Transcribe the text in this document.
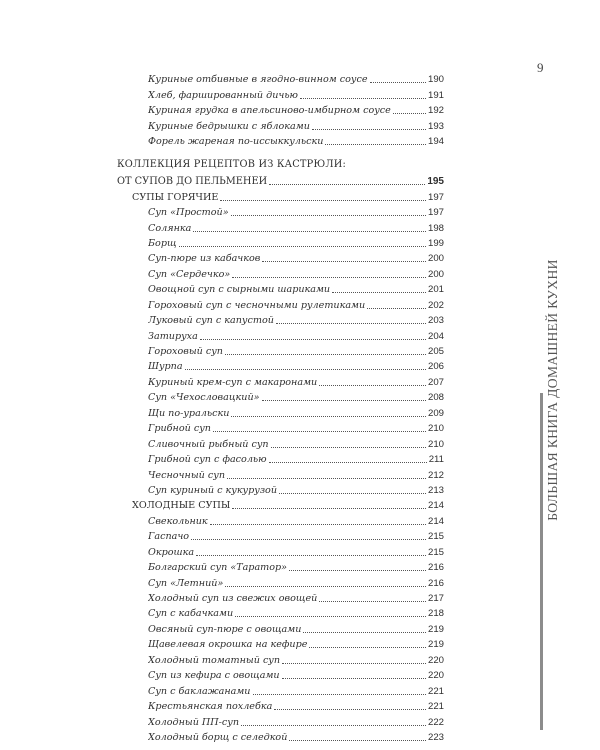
9
БОЛЬШАЯ КНИГА ДОМАШНЕЙ КУХНИ
Куриные отбивные в ягодно-винном соусе	190
Хлеб, фаршированный дичью	191
Куриная грудка в апельсиново-имбирном соусе	192
Куриные бедрышки с яблоками	193
Форель жареная по-иссыккульски	194
КОЛЛЕКЦИЯ РЕЦЕПТОВ ИЗ КАСТРЮЛИ:
ОТ СУПОВ ДО ПЕЛЬМЕНЕЙ	195
СУПЫ ГОРЯЧИЕ	197
Суп «Простой»	197
Солянка	198
Борщ	199
Суп-пюре из кабачков	200
Суп «Сердечко»	200
Овощной суп с сырными шариками	201
Гороховый суп с чесночными рулетиками	202
Луковый суп с капустой	203
Затируха	204
Гороховый суп	205
Шурпа	206
Куриный крем-суп с макаронами	207
Суп «Чехословацкий»	208
Щи по-уральски	209
Грибной суп	210
Сливочный рыбный суп	210
Грибной суп с фасолью	211
Чесночный суп	212
Суп куриный с кукурузой	213
ХОЛОДНЫЕ СУПЫ	214
Свекольник	214
Гаспачо	215
Окрошка	215
Болгарский суп «Таратор»	216
Суп «Летний»	216
Холодный суп из свежих овощей	217
Суп с кабачками	218
Овсяный суп-пюре с овощами	219
Щавелевая окрошка на кефире	219
Холодный томатный суп	220
Суп из кефира с овощами	220
Суп с баклажанами	221
Крестьянская похлебка	221
Холодный ПП-суп	222
Холодный борщ с селедкой	223
